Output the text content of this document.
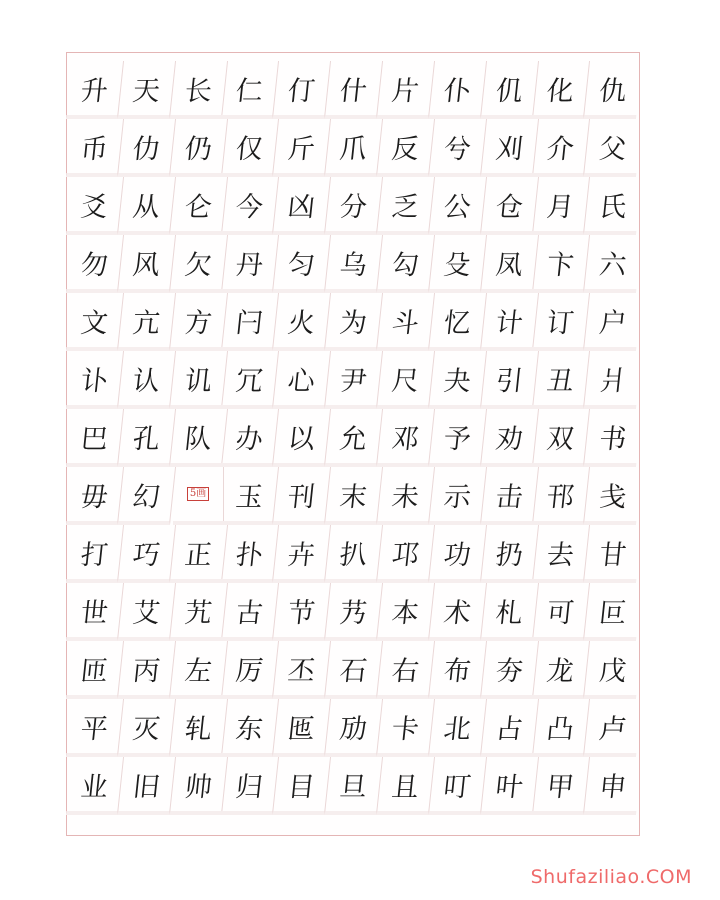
升 天 长 仁 仃 什 片 仆 仉 化 仇
币 仂 仍 仅 斤 爪 反 兮 刈 介 父
爻 从 仑 今 凶 分 乏 公 仓 月 氏
勿 风 欠 丹 匀 乌 勾 殳 凤 卞 六
文 亢 方 闩 火 为 斗 忆 计 订 户
讣 认 讥 冗 心 尹 尺 夬 引 丑 爿
巴 孔 队 办 以 允 邓 予 劝 双 书
毋 幻	5画	玉 刊 末 未 示 击 邗 戋
打 巧 正 扑 卉 扒 邛 功 扔 去 甘
世 艾 艽 古 节 艿 本 术 札 可 叵
匝 丙 左 厉 丕 石 右 布 夯 龙 戊
平 灭 轧 东 匜 劢 卡 北 占 凸 卢
业 旧 帅 归 目 旦 且 叮 叶 甲 申
Shufaziliao.COM
